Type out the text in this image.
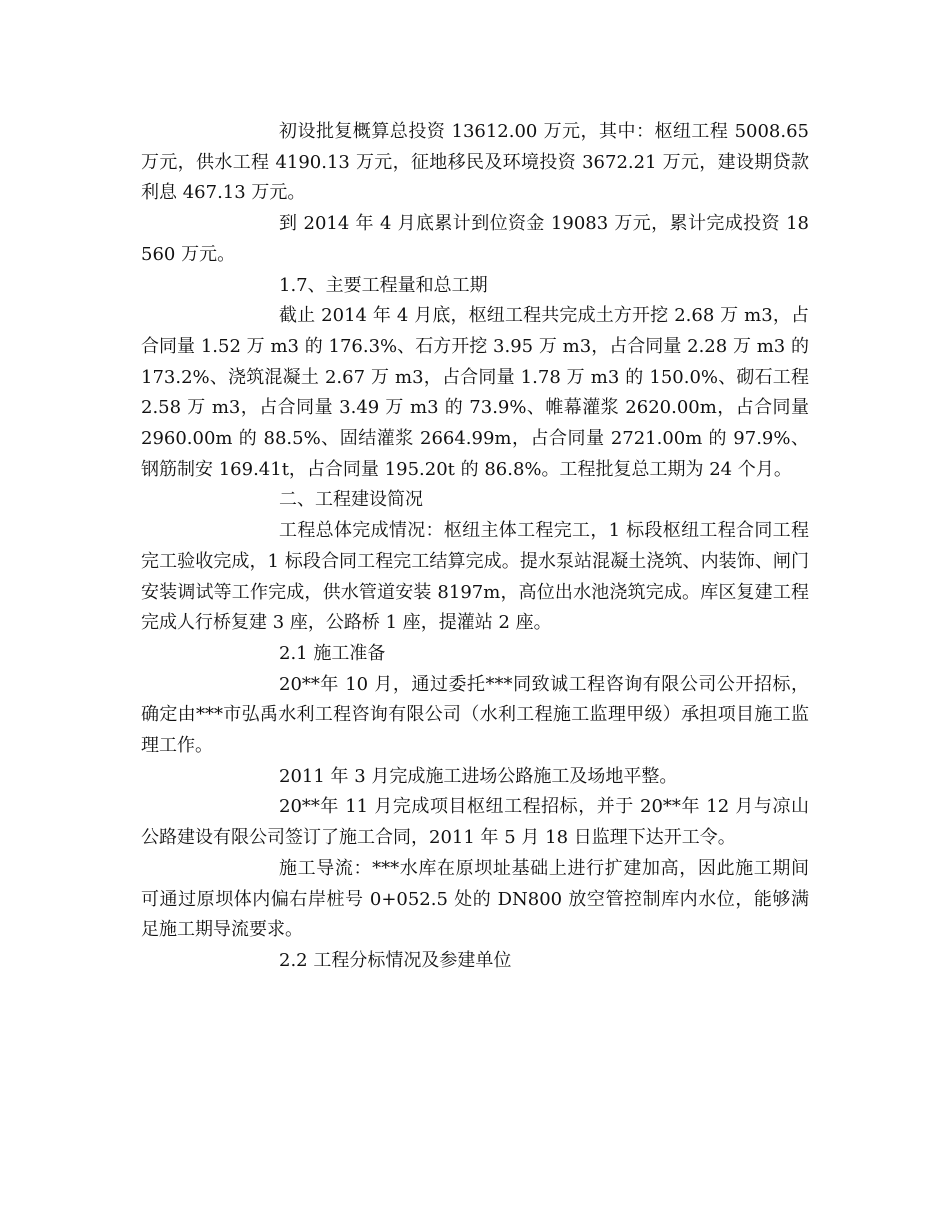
初设批复概算总投资 13612.00 万元，其中：枢纽工程 5008.65 万元，供水工程 4190.13 万元，征地移民及环境投资 3672.21 万元，建设期贷款利息 467.13 万元。

到 2014 年 4 月底累计到位资金 19083 万元，累计完成投资 18560 万元。

1.7、主要工程量和总工期

截止 2014 年 4 月底，枢纽工程共完成土方开挖 2.68 万 m3，占合同量 1.52 万 m3 的 176.3%、石方开挖 3.95 万 m3，占合同量 2.28 万 m3 的 173.2%、浇筑混凝土 2.67 万 m3，占合同量 1.78 万 m3 的 150.0%、砌石工程 2.58 万 m3，占合同量 3.49 万 m3 的 73.9%、帷幕灌浆 2620.00m，占合同量 2960.00m 的 88.5%、固结灌浆 2664.99m，占合同量 2721.00m 的 97.9%、钢筋制安 169.41t，占合同量 195.20t 的 86.8%。工程批复总工期为 24 个月。

二、工程建设简况

工程总体完成情况：枢纽主体工程完工，1 标段枢纽工程合同工程完工验收完成，1 标段合同工程完工结算完成。提水泵站混凝土浇筑、内装饰、闸门安装调试等工作完成，供水管道安装 8197m，高位出水池浇筑完成。库区复建工程完成人行桥复建 3 座，公路桥 1 座，提灌站 2 座。

2.1 施工准备

20**年 10 月，通过委托***同致诚工程咨询有限公司公开招标，确定由***市弘禹水利工程咨询有限公司（水利工程施工监理甲级）承担项目施工监理工作。

2011 年 3 月完成施工进场公路施工及场地平整。

20**年 11 月完成项目枢纽工程招标，并于 20**年 12 月与凉山公路建设有限公司签订了施工合同，2011 年 5 月 18 日监理下达开工令。

施工导流：***水库在原坝址基础上进行扩建加高，因此施工期间可通过原坝体内偏右岸桩号 0+052.5 处的 DN800 放空管控制库内水位，能够满足施工期导流要求。

2.2 工程分标情况及参建单位
